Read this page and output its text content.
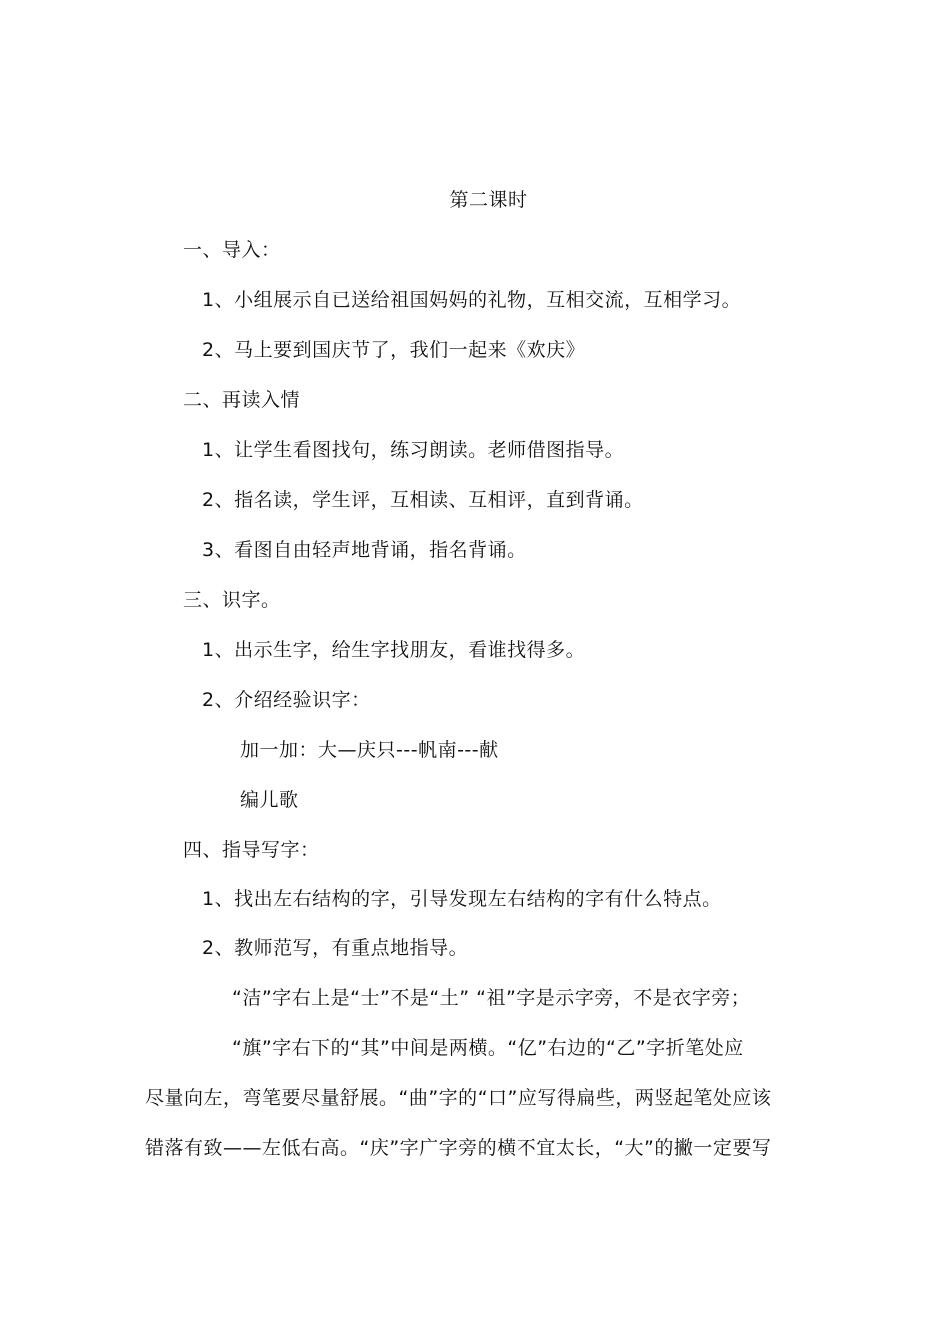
第二课时
一、导入：
1、小组展示自已送给祖国妈妈的礼物，互相交流，互相学习。
2、马上要到国庆节了，我们一起来《欢庆》
二、再读入情
1、让学生看图找句，练习朗读。老师借图指导。
2、指名读，学生评，互相读、互相评，直到背诵。
3、看图自由轻声地背诵，指名背诵。
三、识字。
1、出示生字，给生字找朋友，看谁找得多。
2、介绍经验识字：
加一加：大—庆只---帆南---献
编儿歌
四、指导写字：
1、找出左右结构的字，引导发现左右结构的字有什么特点。
2、教师范写，有重点地指导。
“洁”字右上是“士”不是“土” “祖”字是示字旁，不是衣字旁；
“旗”字右下的“其”中间是两横。“亿”右边的“乙”字折笔处应
尽量向左，弯笔要尽量舒展。“曲”字的“口”应写得扁些，两竖起笔处应该
错落有致——左低右高。“庆”字广字旁的横不宜太长，“大”的撇一定要写
